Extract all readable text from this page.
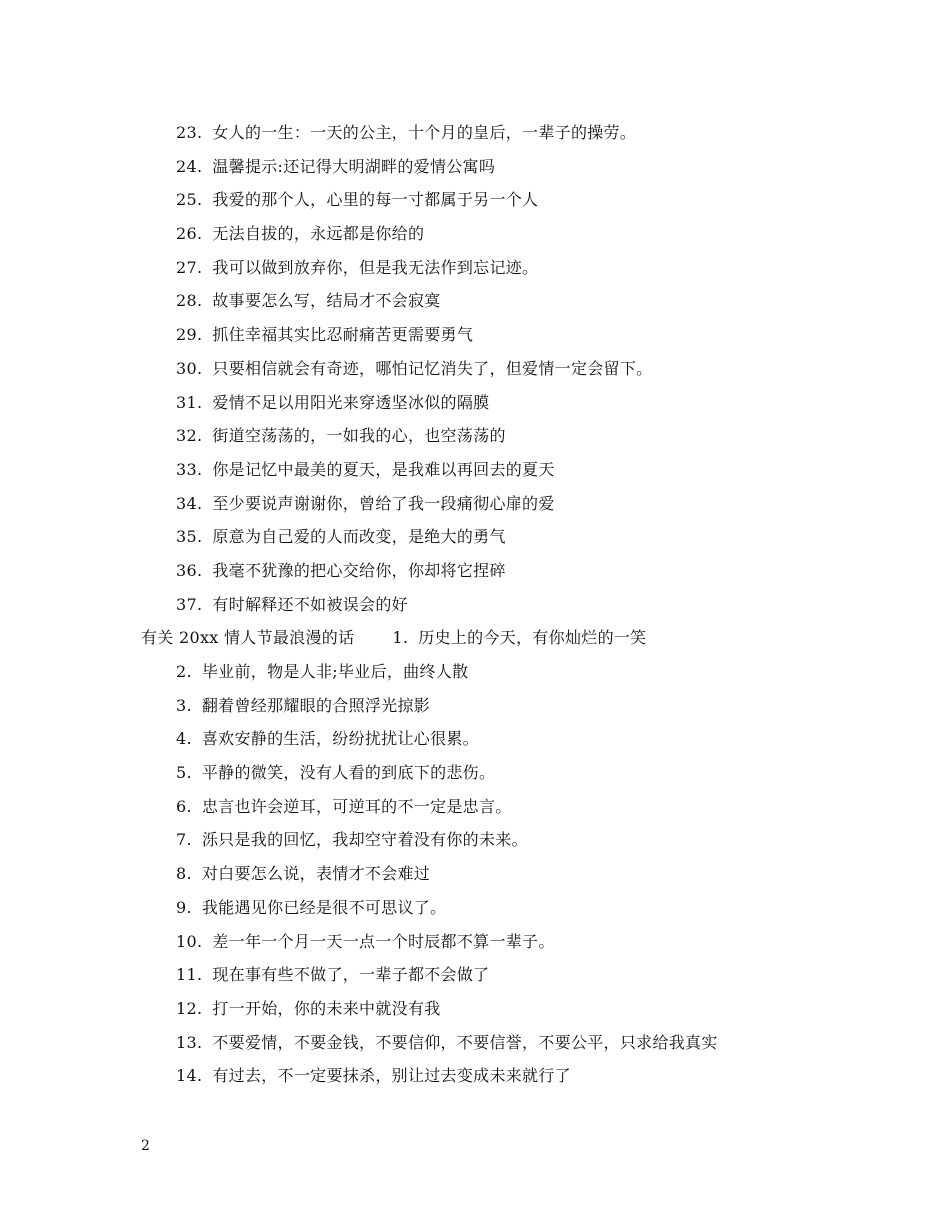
23. 女人的一生：一天的公主，十个月的皇后，一辈子的操劳。
24. 温馨提示:还记得大明湖畔的爱情公寓吗
25. 我爱的那个人，心里的每一寸都属于另一个人
26. 无法自拔的，永远都是你给的
27. 我可以做到放弃你，但是我无法作到忘记迹。
28. 故事要怎么写，结局才不会寂寞
29. 抓住幸福其实比忍耐痛苦更需要勇气
30. 只要相信就会有奇迹，哪怕记忆消失了，但爱情一定会留下。
31. 爱情不足以用阳光来穿透坚冰似的隔膜
32. 街道空荡荡的，一如我的心，也空荡荡的
33. 你是记忆中最美的夏天，是我难以再回去的夏天
34. 至少要说声谢谢你，曾给了我一段痛彻心扉的爱
35. 原意为自己爱的人而改变，是绝大的勇气
36. 我毫不犹豫的把心交给你，你却将它捏碎
37. 有时解释还不如被误会的好
有关 20xx 情人节最浪漫的话 1. 历史上的今天，有你灿烂的一笑
2. 毕业前，物是人非;毕业后，曲终人散
3. 翻着曾经那耀眼的合照浮光掠影
4. 喜欢安静的生活，纷纷扰扰让心很累。
5. 平静的微笑，没有人看的到底下的悲伤。
6. 忠言也许会逆耳，可逆耳的不一定是忠言。
7. 泺只是我的回忆，我却空守着没有你的未来。
8. 对白要怎么说，表情才不会难过
9. 我能遇见你已经是很不可思议了。
10. 差一年一个月一天一点一个时辰都不算一辈子。
11. 现在事有些不做了，一辈子都不会做了
12. 打一开始，你的未来中就没有我
13. 不要爱情，不要金钱，不要信仰，不要信誉，不要公平，只求给我真实
14. 有过去，不一定要抹杀，别让过去变成未来就行了
2
